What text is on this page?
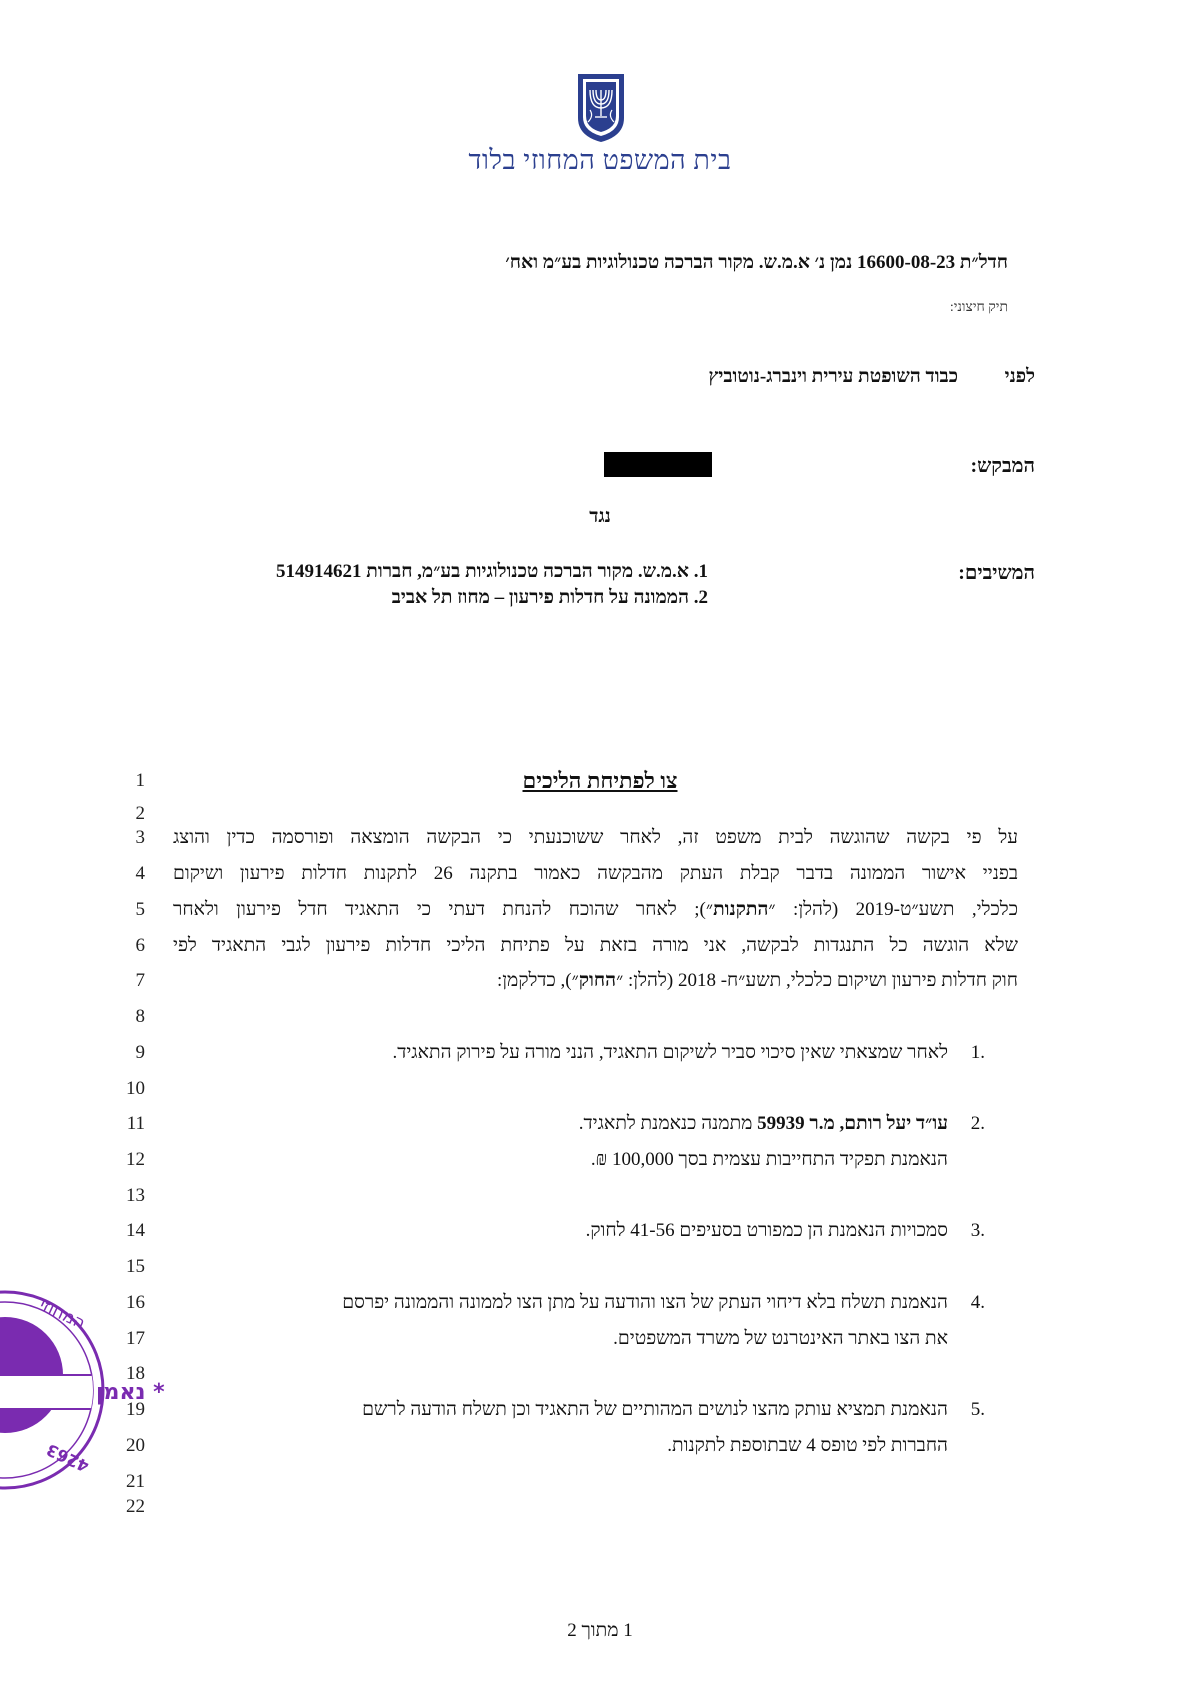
בית המשפט המחוזי בלוד
חדל״ת 16600-08-23 נמן נ׳ א.מ.ש. מקור הברכה טכנולוגיות בע״מ ואח׳
תיק חיצוני:
לפני
כבוד השופטת עירית וינברג-נוטוביץ
המבקש:
נגד
המשיבים:
1. א.מ.ש. מקור הברכה טכנולוגיות בע״מ, חברות 514914621
2. הממונה על חדלות פירעון – מחוז תל אביב
צו לפתיחת הליכים
1
2
3
4
5
6
7
8
9
10
11
12
13
14
15
16
17
18
19
20
21
22
על פי בקשה שהוגשה לבית משפט זה, לאחר ששוכנעתי כי הבקשה הומצאה ופורסמה כדין והוצג
בפניי אישור הממונה בדבר קבלת העתק מהבקשה כאמור בתקנה 26 לתקנות חדלות פירעון ושיקום
כלכלי, תשע״ט-2019 (להלן: ״התקנות״); לאחר שהוכח להנחת דעתי כי התאגיד חדל פירעון ולאחר
שלא הוגשה כל התנגדות לבקשה, אני מורה בזאת על פתיחת הליכי חדלות פירעון לגבי התאגיד לפי
חוק חדלות פירעון ושיקום כלכלי, תשע״ח- 2018 (להלן: ״החוק״), כדלקמן:
1.
לאחר שמצאתי שאין סיכוי סביר לשיקום התאגיד, הנני מורה על פירוק התאגיד.
2.
עו״ד יעל רותם, מ.ר 59939 מתמנה כנאמנת לתאגיד.
הנאמנת תפקיד התחייבות עצמית בסך 100,000 ₪.
3.
סמכויות הנאמנת הן כמפורט בסעיפים 41-56 לחוק.
4.
הנאמנת תשלח בלא דיחוי העתק של הצו והודעה על מתן הצו לממונה והממונה יפרסם
את הצו באתר האינטרנט של משרד המשפטים.
5.
הנאמנת תמציא עותק מהצו לנושים המהותיים של התאגיד וכן תשלח הודעה לרשם
החברות לפי טופס 4 שבתוספת לתקנות.
המחוזי
* נאמן
4263
1 מתוך 2
